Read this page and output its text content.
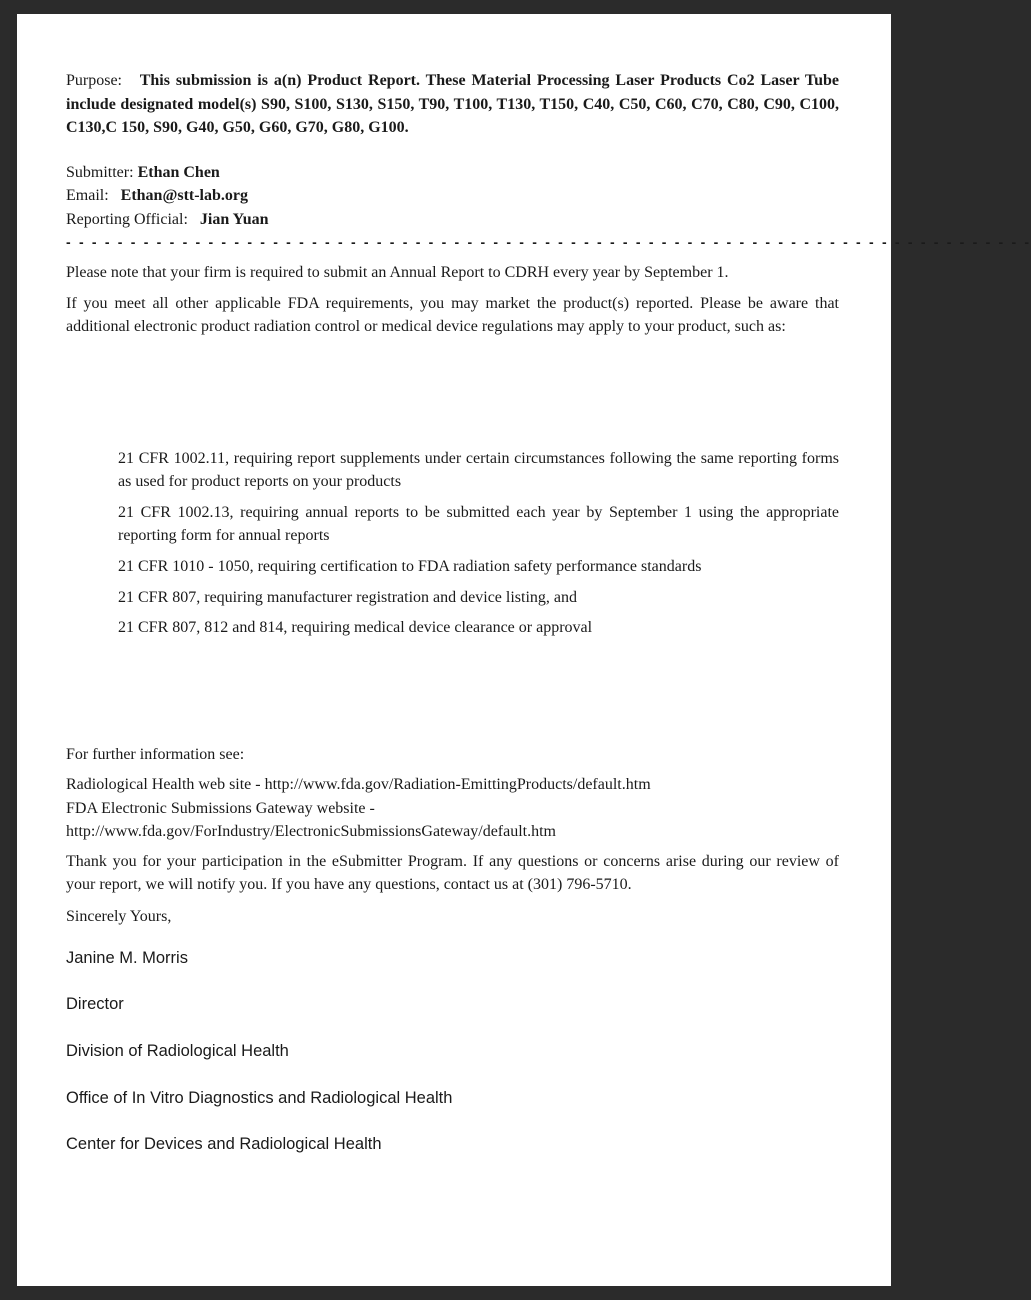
Purpose: This submission is a(n) Product Report. These Material Processing Laser Products Co2 Laser Tube include designated model(s) S90, S100, S130, S150, T90, T100, T130, T150, C40, C50, C60, C70, C80, C90, C100, C130,C 150, S90, G40, G50, G60, G70, G80, G100.

Submitter: Ethan Chen
Email: Ethan@stt-lab.org
Reporting Official: Jian Yuan
- - - - - - - - - - - - - - - - - - - - - - - - - - - - - - - - - - - - - - - - - - - - - - - - - - - - - - - - - - - - - - - - - - - - - - - - - - -

Please note that your firm is required to submit an Annual Report to CDRH every year by September 1.

If you meet all other applicable FDA requirements, you may market the product(s) reported. Please be aware that additional electronic product radiation control or medical device regulations may apply to your product, such as:

21 CFR 1002.11, requiring report supplements under certain circumstances following the same reporting forms as used for product reports on your products

21 CFR 1002.13, requiring annual reports to be submitted each year by September 1 using the appropriate reporting form for annual reports

21 CFR 1010 - 1050, requiring certification to FDA radiation safety performance standards

21 CFR 807, requiring manufacturer registration and device listing, and

21 CFR 807, 812 and 814, requiring medical device clearance or approval

For further information see:

Radiological Health web site - http://www.fda.gov/Radiation-EmittingProducts/default.htm

FDA Electronic Submissions Gateway website -

http://www.fda.gov/ForIndustry/ElectronicSubmissionsGateway/default.htm

Thank you for your participation in the eSubmitter Program. If any questions or concerns arise during our review of your report, we will notify you. If you have any questions, contact us at (301) 796-5710.

Sincerely Yours,

Janine M. Morris
Director
Division of Radiological Health
Office of In Vitro Diagnostics and Radiological Health
Center for Devices and Radiological Health
